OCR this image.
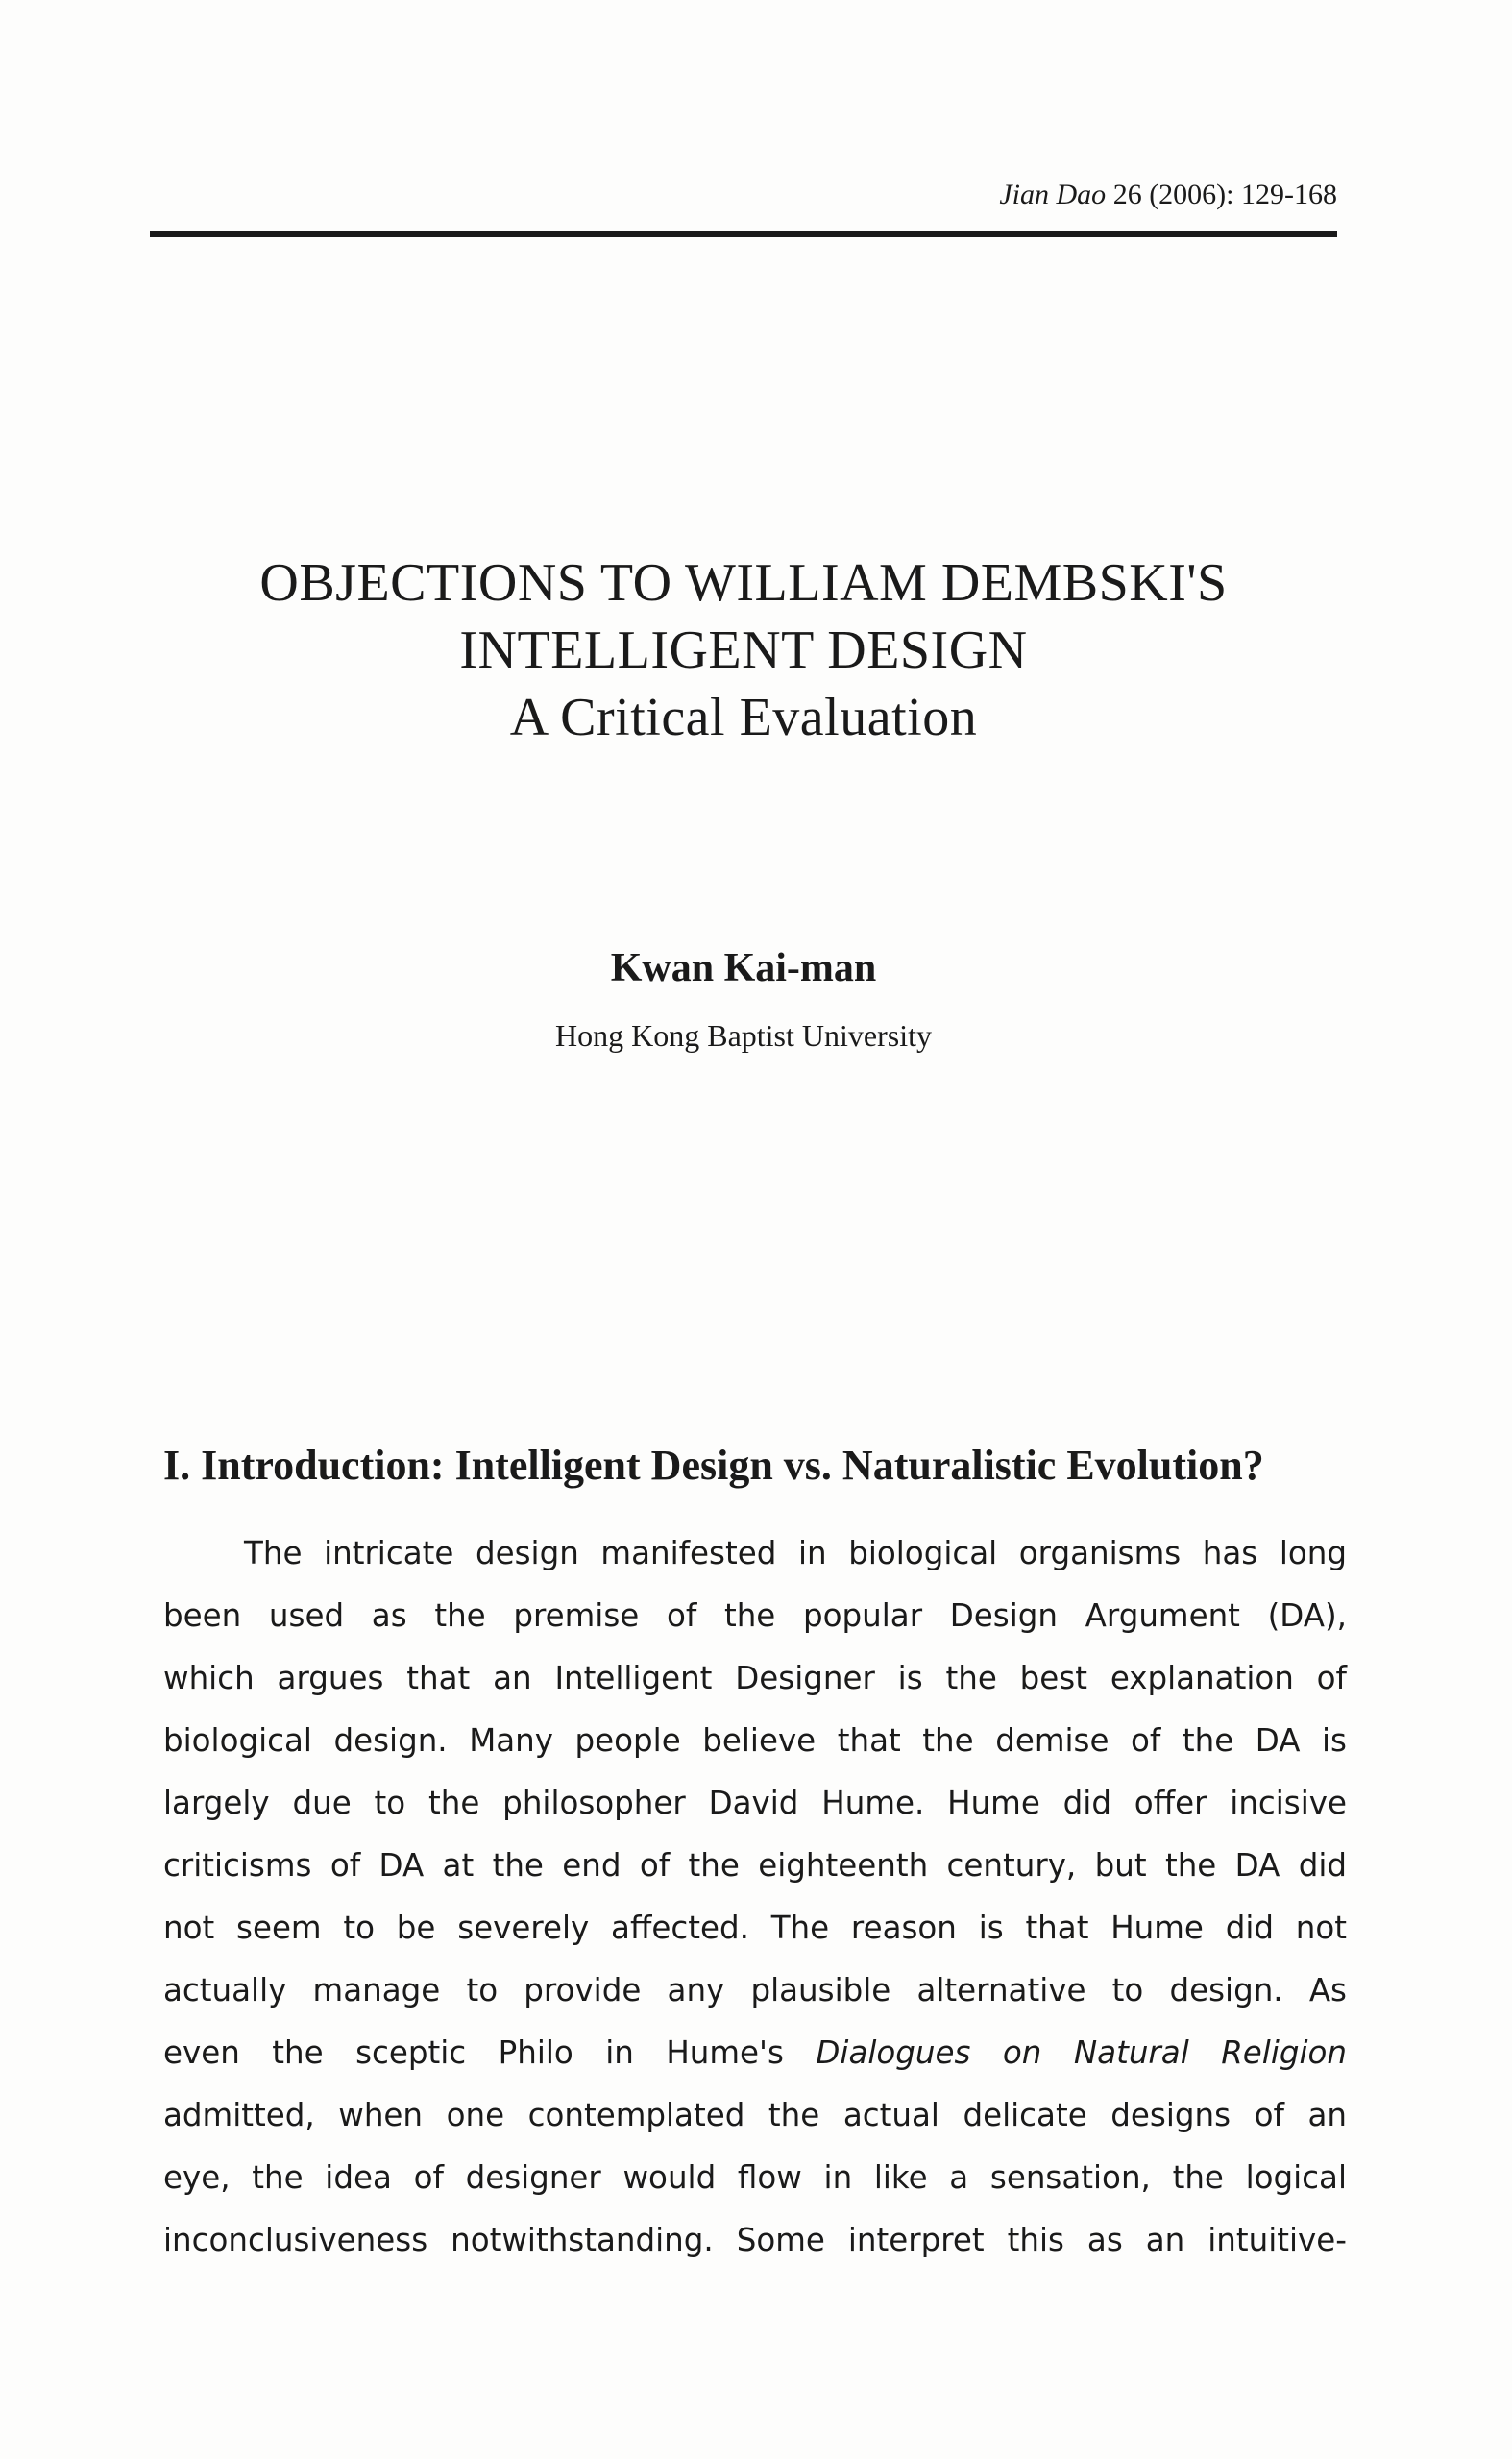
Jian Dao 26 (2006): 129-168
OBJECTIONS TO WILLIAM DEMBSKI'S
INTELLIGENT DESIGN
A Critical Evaluation
Kwan Kai-man
Hong Kong Baptist University
I. Introduction: Intelligent Design vs. Naturalistic Evolution?
The intricate design manifested in biological organisms has long
been used as the premise of the popular Design Argument (DA),
which argues that an Intelligent Designer is the best explanation of
biological design. Many people believe that the demise of the DA is
largely due to the philosopher David Hume. Hume did offer incisive
criticisms of DA at the end of the eighteenth century, but the DA did
not seem to be severely affected. The reason is that Hume did not
actually manage to provide any plausible alternative to design. As
even the sceptic Philo in Hume's Dialogues on Natural Religion
admitted, when one contemplated the actual delicate designs of an
eye, the idea of designer would flow in like a sensation, the logical
inconclusiveness notwithstanding. Some interpret this as an intuitive-
